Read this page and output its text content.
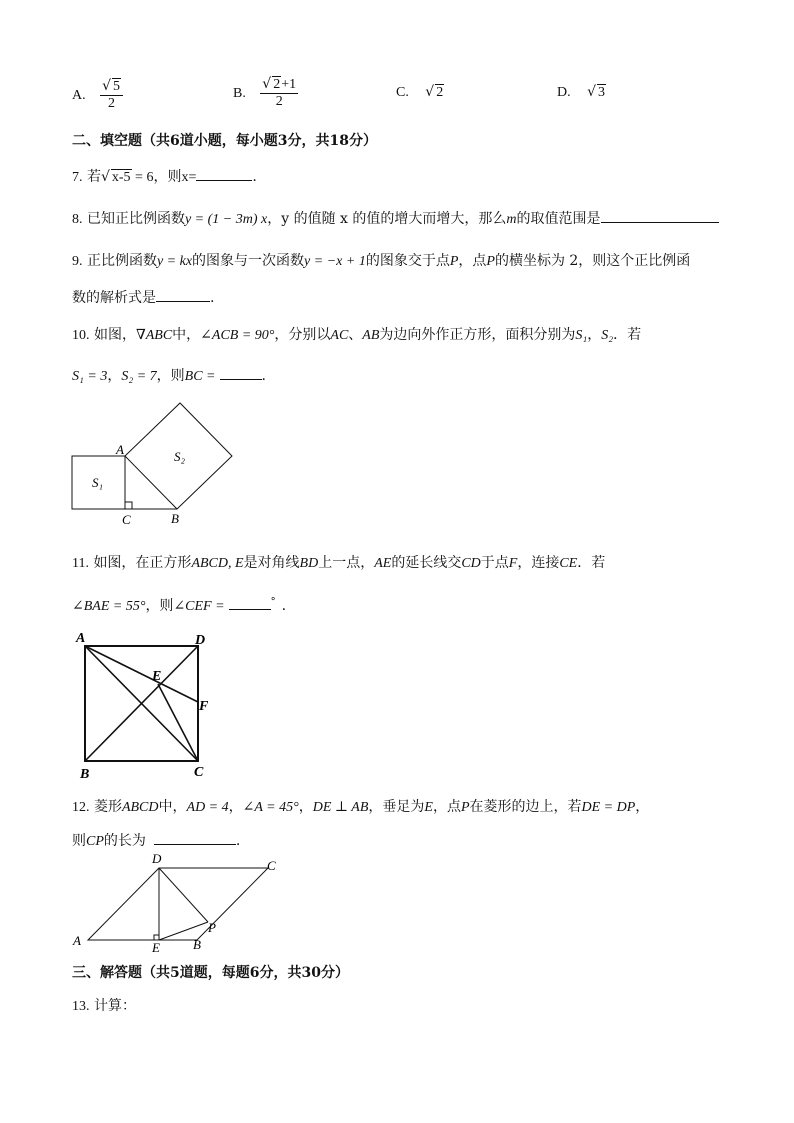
A. $\frac{√ 5}{2}$	B. $\frac{√ 2+1}{2}$	C. √ 2	D. √ 3
二、填空题（共6道小题，每小题3分，共18分）
7. 若√ x-5 = 6，则x=	.
8. 已知正比例函数y = (1 − 3m) x，y 的值随 x 的值的增大而增大，那么m的取值范围是
9. 正比例函数y = kx的图象与一次函数y = −x + 1的图象交于点P，点P的横坐标为 2，则这个正比例函
数的解析式是	.
10. 如图，∇ABC中，∠ACB = 90°，分别以AC、AB为边向外作正方形，面积分别为S₁，S₂．若
S₁ = 3，S₂ = 7，则BC =	.
A
B
C
S₁
S₂
11. 如图，在正方形ABCD, E是对角线BD上一点，AE的延长线交CD于点F，连接CE．若
∠BAE = 55°，则∠CEF =	° .
A	D
B	C
E
F
12. 菱形ABCD中，AD = 4，∠A = 45°，DE ⊥ AB，垂足为E，点P在菱形的边上，若DE = DP，
则CP的长为	.
A	B
C
D
E
P
三、解答题（共5道题，每题6分，共30分）
13. 计算：
